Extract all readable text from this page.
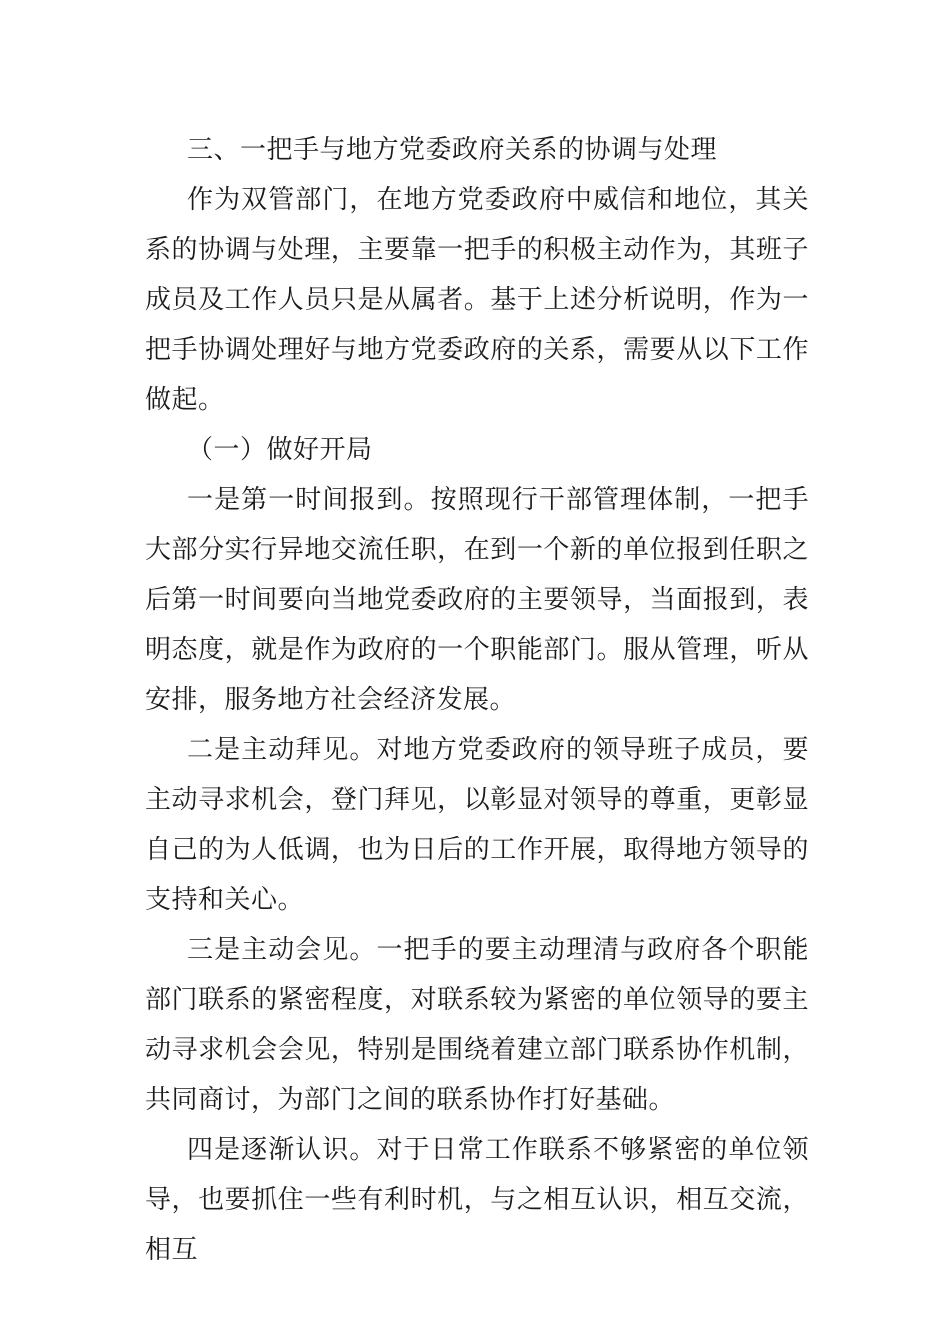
三、一把手与地方党委政府关系的协调与处理

作为双管部门，在地方党委政府中威信和地位，其关系的协调与处理，主要靠一把手的积极主动作为，其班子成员及工作人员只是从属者。基于上述分析说明，作为一把手协调处理好与地方党委政府的关系，需要从以下工作做起。

（一）做好开局

一是第一时间报到。按照现行干部管理体制，一把手大部分实行异地交流任职，在到一个新的单位报到任职之后第一时间要向当地党委政府的主要领导，当面报到，表明态度，就是作为政府的一个职能部门。服从管理，听从安排，服务地方社会经济发展。

二是主动拜见。对地方党委政府的领导班子成员，要主动寻求机会，登门拜见，以彰显对领导的尊重，更彰显自己的为人低调，也为日后的工作开展，取得地方领导的支持和关心。

三是主动会见。一把手的要主动理清与政府各个职能部门联系的紧密程度，对联系较为紧密的单位领导的要主动寻求机会会见，特别是围绕着建立部门联系协作机制，共同商讨，为部门之间的联系协作打好基础。

四是逐渐认识。对于日常工作联系不够紧密的单位领导，也要抓住一些有利时机，与之相互认识，相互交流，相互
